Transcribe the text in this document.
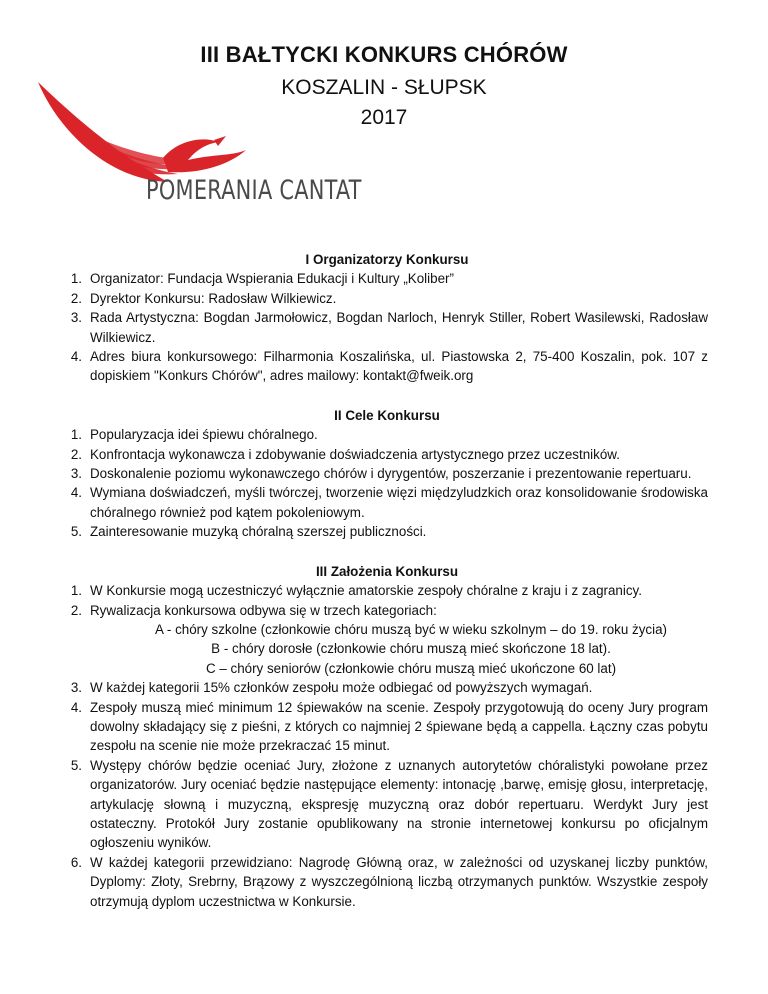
III BAŁTYCKI KONKURS CHÓRÓW
KOSZALIN - SŁUPSK
2017
POMERANIA CANTAT

I Organizatorzy Konkursu

1. Organizator: Fundacja Wspierania Edukacji i Kultury „Koliber”
2. Dyrektor Konkursu: Radosław Wilkiewicz.
3. Rada Artystyczna: Bogdan Jarmołowicz, Bogdan Narloch, Henryk Stiller, Robert Wasilewski, Radosław Wilkiewicz.
4. Adres biura konkursowego: Filharmonia Koszalińska, ul. Piastowska 2, 75-400 Koszalin, pok. 107 z dopiskiem "Konkurs Chórów", adres mailowy: kontakt@fweik.org

II Cele Konkursu

1. Popularyzacja idei śpiewu chóralnego.
2. Konfrontacja wykonawcza i zdobywanie doświadczenia artystycznego przez uczestników.
3. Doskonalenie poziomu wykonawczego chórów i dyrygentów, poszerzanie i prezentowanie repertuaru.
4. Wymiana doświadczeń, myśli twórczej, tworzenie więzi międzyludzkich oraz konsolidowanie środowiska chóralnego również pod kątem pokoleniowym.
5. Zainteresowanie muzyką chóralną szerszej publiczności.

III Założenia Konkursu

1. W Konkursie mogą uczestniczyć wyłącznie amatorskie zespoły chóralne z kraju i z zagranicy.
2. Rywalizacja konkursowa odbywa się w trzech kategoriach:
A - chóry szkolne (członkowie chóru muszą być w wieku szkolnym – do 19. roku życia)
B - chóry dorosłe (członkowie chóru muszą mieć skończone 18 lat).
C – chóry seniorów (członkowie chóru muszą mieć ukończone 60 lat)
3. W każdej kategorii 15% członków zespołu może odbiegać od powyższych wymagań.
4. Zespoły muszą mieć minimum 12 śpiewaków na scenie. Zespoły przygotowują do oceny Jury program dowolny składający się z pieśni, z których co najmniej 2 śpiewane będą a cappella. Łączny czas pobytu zespołu na scenie nie może przekraczać 15 minut.
5. Występy chórów będzie oceniać Jury, złożone z uznanych autorytetów chóralistyki powołane przez organizatorów. Jury oceniać będzie następujące elementy: intonację ,barwę, emisję głosu, interpretację, artykulację słowną i muzyczną, ekspresję muzyczną oraz dobór repertuaru. Werdykt Jury jest ostateczny. Protokół Jury zostanie opublikowany na stronie internetowej konkursu po oficjalnym ogłoszeniu wyników.
6. W każdej kategorii przewidziano: Nagrodę Główną oraz, w zależności od uzyskanej liczby punktów, Dyplomy: Złoty, Srebrny, Brązowy z wyszczególnioną liczbą otrzymanych punktów. Wszystkie zespoły otrzymują dyplom uczestnictwa w Konkursie.
